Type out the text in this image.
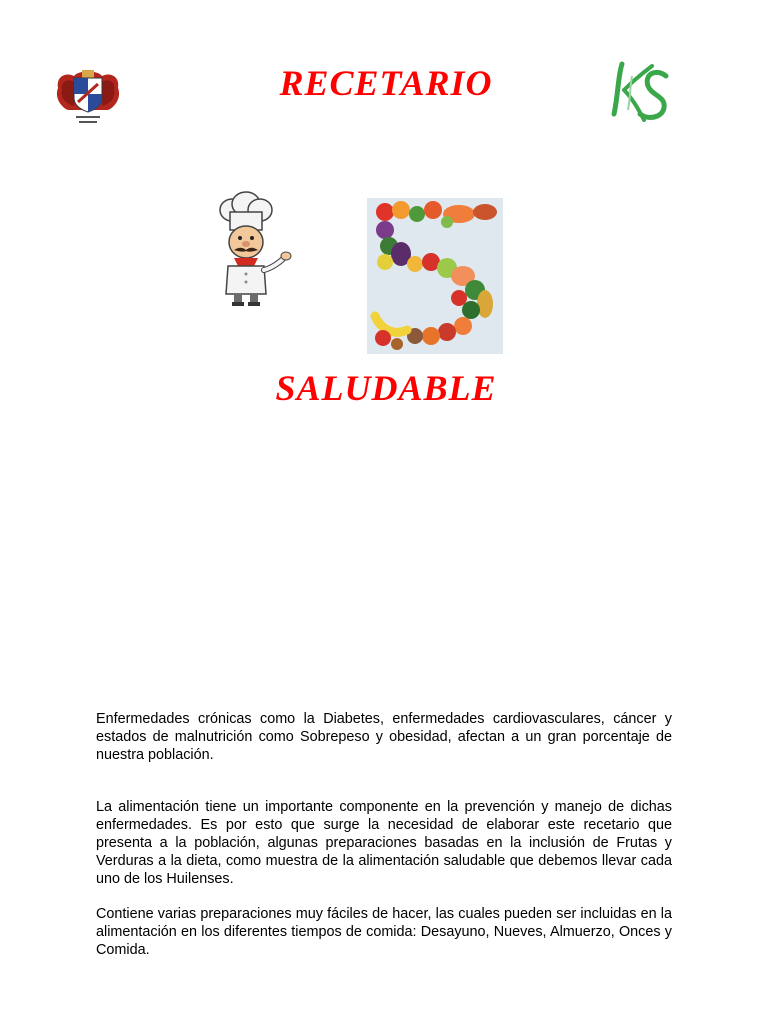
RECETARIO
SALUDABLE

Enfermedades crónicas como la Diabetes, enfermedades cardiovasculares, cáncer y estados de malnutrición como Sobrepeso y obesidad, afectan a un gran porcentaje de nuestra población.

La alimentación tiene un importante componente en la prevención y manejo de dichas enfermedades. Es por esto que surge la necesidad de elaborar este recetario que presenta a la población, algunas preparaciones basadas en la inclusión de Frutas y Verduras a la dieta, como muestra de la alimentación saludable que debemos llevar cada uno de los Huilenses.

Contiene varias preparaciones muy fáciles de hacer, las cuales pueden ser incluidas en la alimentación en los diferentes tiempos de comida: Desayuno, Nueves, Almuerzo, Onces y Comida.
